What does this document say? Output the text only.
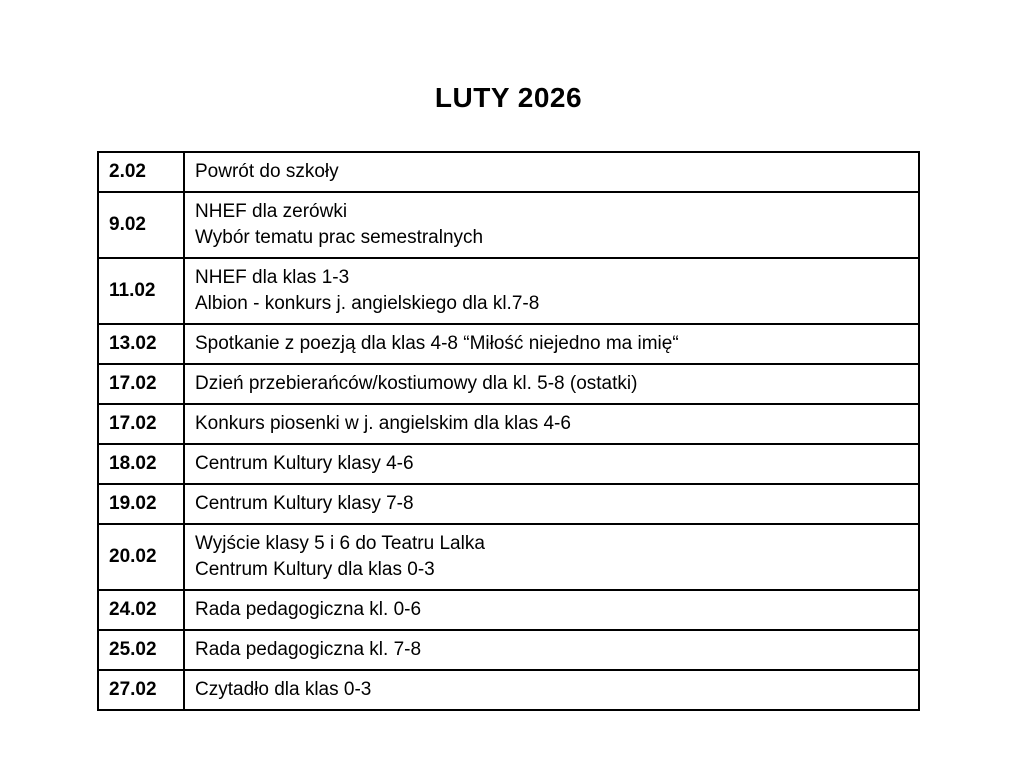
LUTY 2026
2.02	Powrót do szkoły

9.02	NHEF dla zerówki
Wybór tematu prac semestralnych

11.02	NHEF dla klas 1-3
Albion - konkurs j. angielskiego dla kl.7-8

13.02	Spotkanie z poezją dla klas 4-8 “Miłość niejedno ma imię“

17.02	Dzień przebierańców/kostiumowy dla kl. 5-8 (ostatki)

17.02	Konkurs piosenki w j. angielskim dla klas 4-6

18.02	Centrum Kultury klasy 4-6

19.02	Centrum Kultury klasy 7-8

20.02	Wyjście klasy 5 i 6 do Teatru Lalka
Centrum Kultury dla klas 0-3

24.02	Rada pedagogiczna kl. 0-6

25.02	Rada pedagogiczna kl. 7-8

27.02	Czytadło dla klas 0-3
